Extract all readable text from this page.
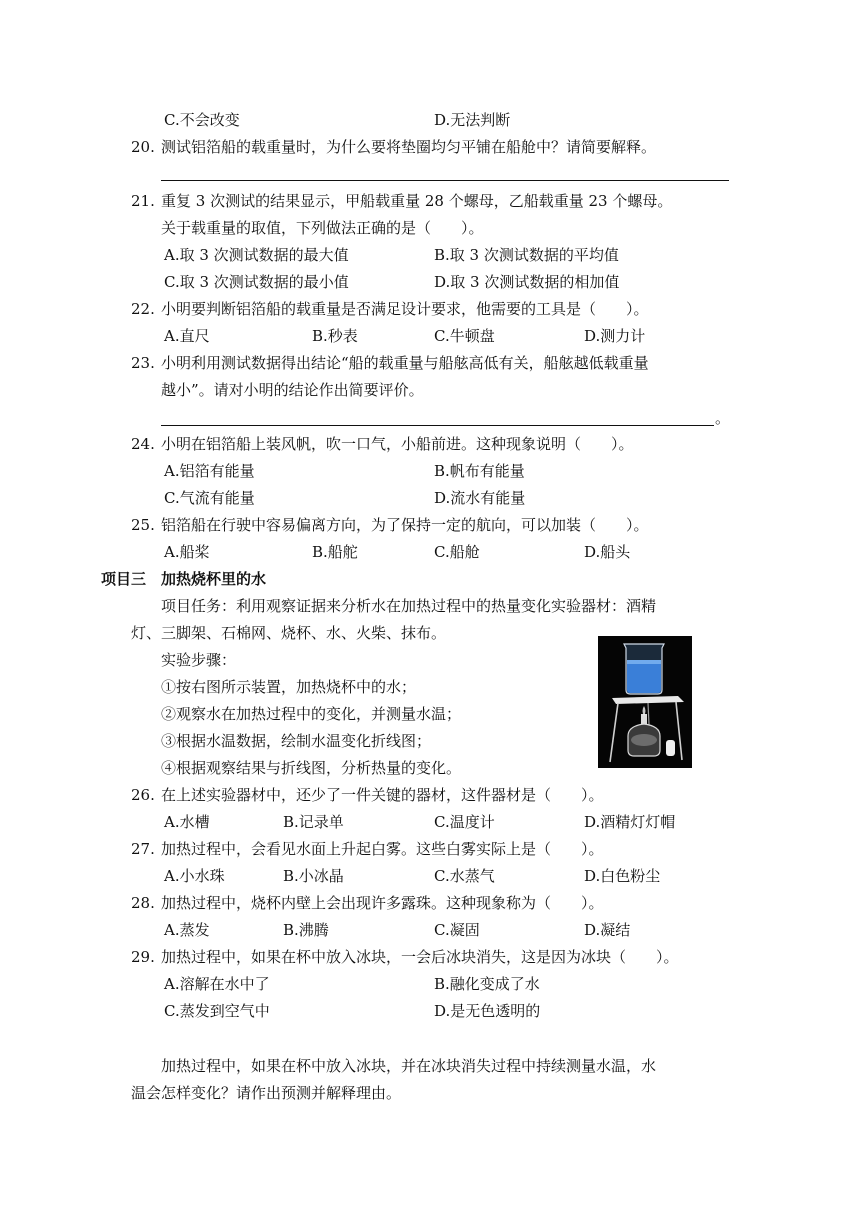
C.不会改变	D.无法判断
20. 测试铝箔船的载重量时，为什么要将垫圈均匀平铺在船舱中？请简要解释。
21. 重复 3 次测试的结果显示，甲船载重量 28 个螺母，乙船载重量 23 个螺母。
关于载重量的取值，下列做法正确的是（　　）。
A.取 3 次测试数据的最大值	B.取 3 次测试数据的平均值
C.取 3 次测试数据的最小值	D.取 3 次测试数据的相加值
22. 小明要判断铝箔船的载重量是否满足设计要求，他需要的工具是（　　）。
A.直尺	B.秒表	C.牛顿盘	D.测力计
23. 小明利用测试数据得出结论“船的载重量与船舷高低有关，船舷越低载重量
越小”。请对小明的结论作出简要评价。
。
24. 小明在铝箔船上装风帆，吹一口气，小船前进。这种现象说明（　　）。
A.铝箔有能量	B.帆布有能量
C.气流有能量	D.流水有能量
25. 铝箔船在行驶中容易偏离方向，为了保持一定的航向，可以加装（　　）。
A.船桨	B.船舵	C.船舱	D.船头
项目三　加热烧杯里的水
项目任务：利用观察证据来分析水在加热过程中的热量变化实验器材：酒精
灯、三脚架、石棉网、烧杯、水、火柴、抹布。
实验步骤：
①按右图所示装置，加热烧杯中的水；
②观察水在加热过程中的变化，并测量水温；
③根据水温数据，绘制水温变化折线图；
④根据观察结果与折线图，分析热量的变化。
26. 在上述实验器材中，还少了一件关键的器材，这件器材是（　　）。
A.水槽	B.记录单	C.温度计	D.酒精灯灯帽
27. 加热过程中，会看见水面上升起白雾。这些白雾实际上是（　　）。
A.小水珠	B.小冰晶	C.水蒸气	D.白色粉尘
28. 加热过程中，烧杯内壁上会出现许多露珠。这种现象称为（　　）。
A.蒸发	B.沸腾	C.凝固	D.凝结
29. 加热过程中，如果在杯中放入冰块，一会后冰块消失，这是因为冰块（　　）。
A.溶解在水中了	B.融化变成了水
C.蒸发到空气中	D.是无色透明的
加热过程中，如果在杯中放入冰块，并在冰块消失过程中持续测量水温，水
温会怎样变化？请作出预测并解释理由。
